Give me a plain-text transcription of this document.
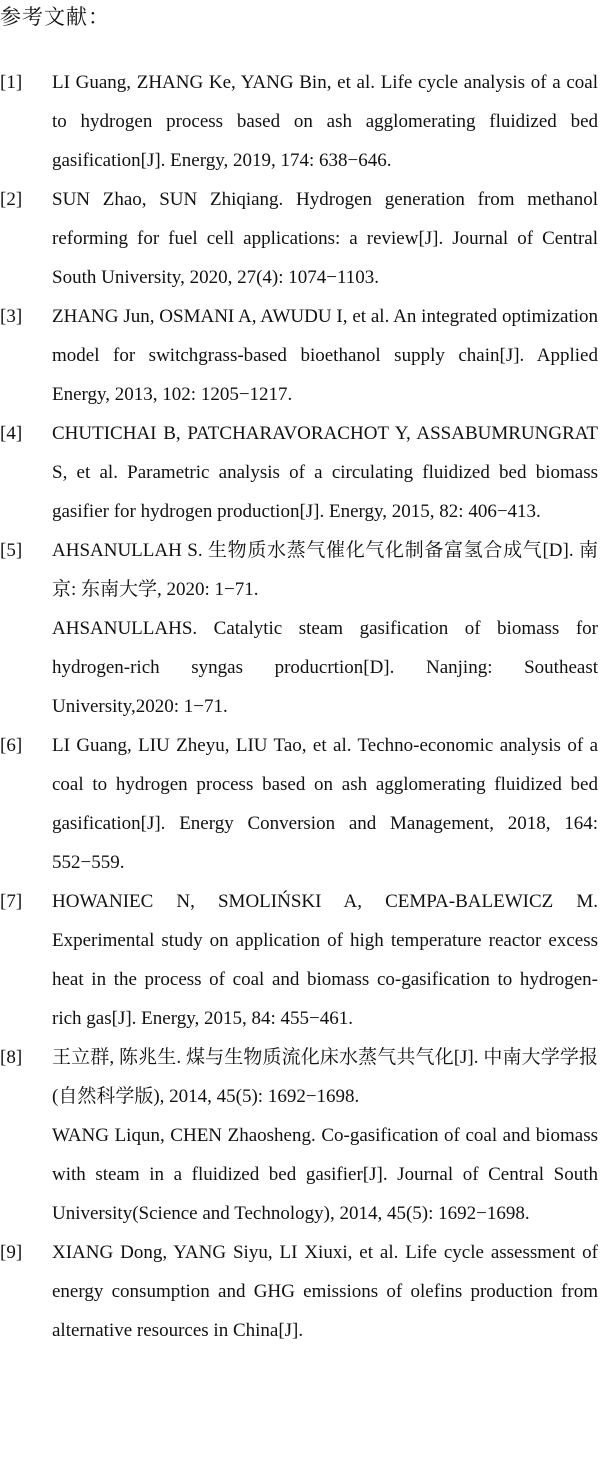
参考文献：
[1]	LI Guang, ZHANG Ke, YANG Bin, et al. Life cycle analysis of a coal to hydrogen process based on ash agglomerating fluidized bed gasification[J]. Energy, 2019, 174: 638−646.

[2]	SUN Zhao, SUN Zhiqiang. Hydrogen generation from methanol reforming for fuel cell applications: a review[J]. Journal of Central South University, 2020, 27(4): 1074−1103.

[3]	ZHANG Jun, OSMANI A, AWUDU I, et al. An integrated optimization model for switchgrass-based bioethanol supply chain[J]. Applied Energy, 2013, 102: 1205−1217.

[4]	CHUTICHAI B, PATCHARAVORACHOT Y, ASSABUMRUNGRAT S, et al. Parametric analysis of a circulating fluidized bed biomass gasifier for hydrogen production[J]. Energy, 2015, 82: 406−413.

[5]	AHSANULLAH S. 生物质水蒸气催化气化制备富氢合成气[D]. 南京: 东南大学, 2020: 1−71.

AHSANULLAHS. Catalytic steam gasification of biomass for hydrogen-rich syngas producrtion[D]. Nanjing: Southeast University,2020: 1−71.

[6]	LI Guang, LIU Zheyu, LIU Tao, et al. Techno-economic analysis of a coal to hydrogen process based on ash agglomerating fluidized bed gasification[J]. Energy Conversion and Management, 2018, 164: 552−559.

[7]	HOWANIEC N, SMOLIŃSKI A, CEMPA-BALEWICZ M. Experimental study on application of high temperature reactor excess heat in the process of coal and biomass co-gasification to hydrogen-rich gas[J]. Energy, 2015, 84: 455−461.

[8]	王立群, 陈兆生. 煤与生物质流化床水蒸气共气化[J]. 中南大学学报(自然科学版), 2014, 45(5): 1692−1698.

WANG Liqun, CHEN Zhaosheng. Co-gasification of coal and biomass with steam in a fluidized bed gasifier[J]. Journal of Central South University(Science and Technology), 2014, 45(5): 1692−1698.

[9]	XIANG Dong, YANG Siyu, LI Xiuxi, et al. Life cycle assessment of energy consumption and GHG emissions of olefins production from alternative resources in China[J].
